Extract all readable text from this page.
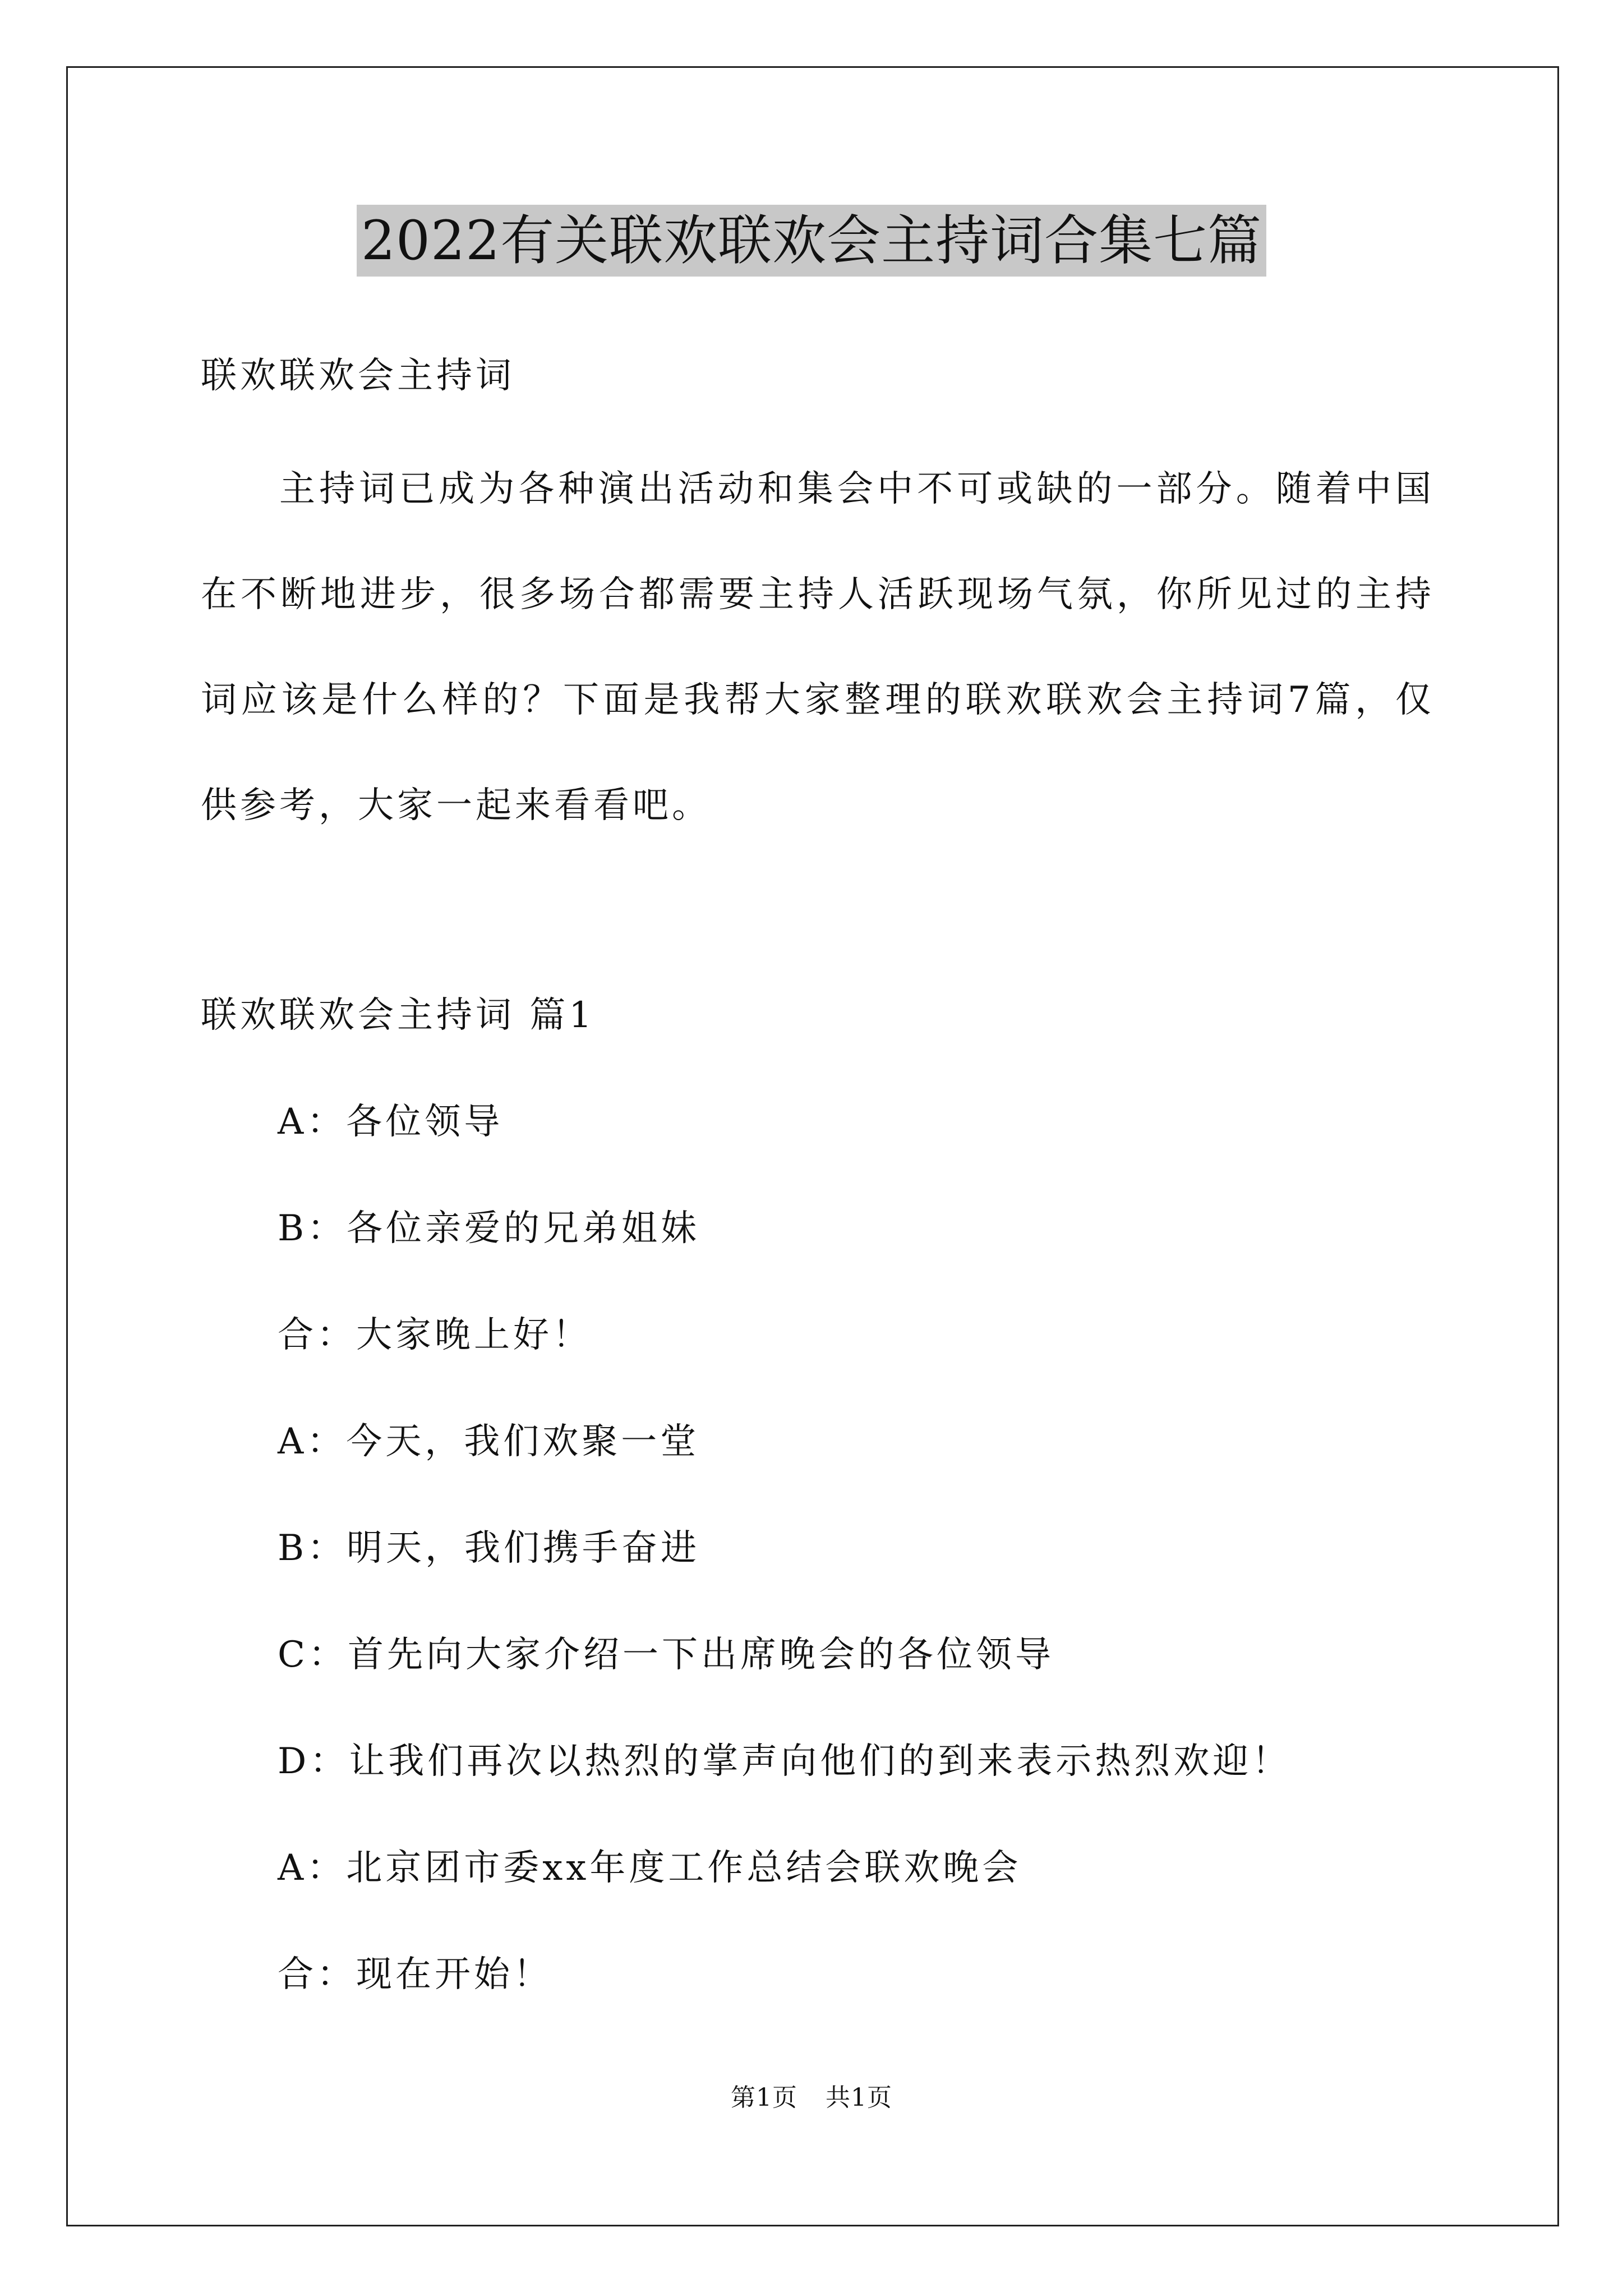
2022有关联欢联欢会主持词合集七篇
联欢联欢会主持词

主持词已成为各种演出活动和集会中不可或缺的一部分。随着中国在不断地进步，很多场合都需要主持人活跃现场气氛，你所见过的主持词应该是什么样的？下面是我帮大家整理的联欢联欢会主持词7篇，仅供参考，大家一起来看看吧。

联欢联欢会主持词 篇1
A：各位领导
B：各位亲爱的兄弟姐妹
合：大家晚上好！
A：今天，我们欢聚一堂
B：明天，我们携手奋进
C：首先向大家介绍一下出席晚会的各位领导
D：让我们再次以热烈的掌声向他们的到来表示热烈欢迎！
A：北京团市委xx年度工作总结会联欢晚会
合：现在开始！
第1页 共1页
